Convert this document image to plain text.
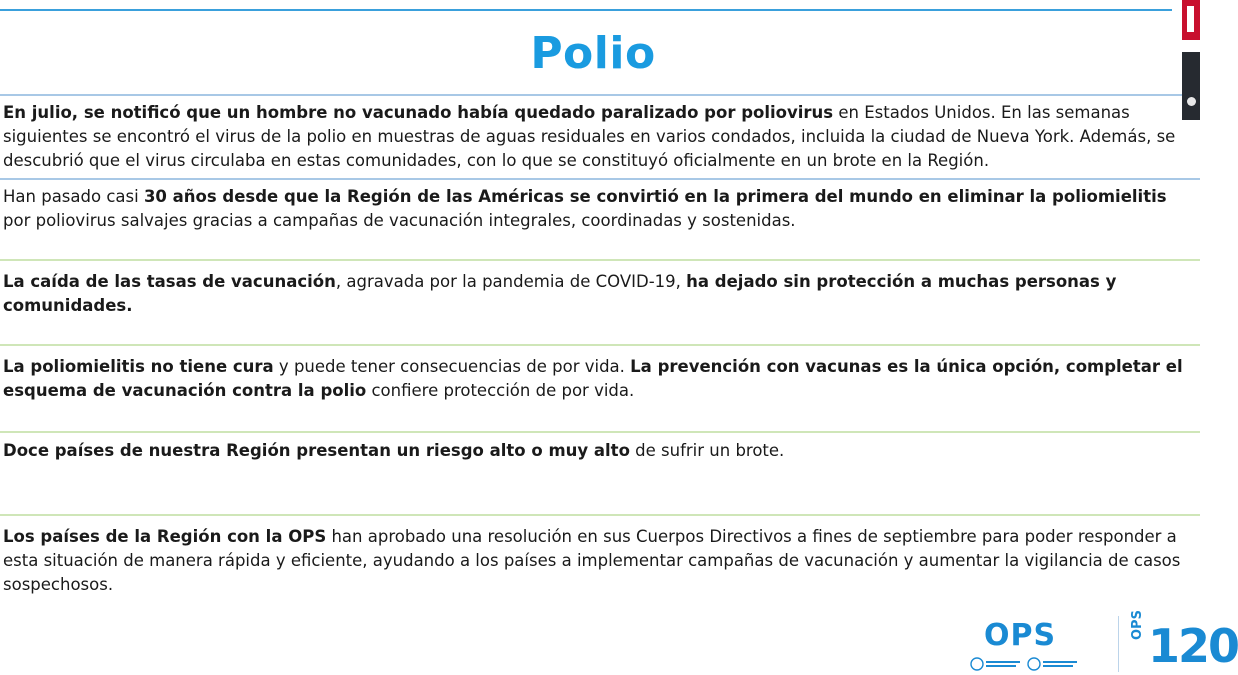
Polio

En julio, se notificó que un hombre no vacunado había quedado paralizado por poliovirus en Estados Unidos. En las semanas siguientes se encontró el virus de la polio en muestras de aguas residuales en varios condados, incluida la ciudad de Nueva York. Además, se descubrió que el virus circulaba en estas comunidades, con lo que se constituyó oficialmente en un brote en la Región.

Han pasado casi 30 años desde que la Región de las Américas se convirtió en la primera del mundo en eliminar la poliomielitis por poliovirus salvajes gracias a campañas de vacunación integrales, coordinadas y sostenidas.

La caída de las tasas de vacunación, agravada por la pandemia de COVID-19, ha dejado sin protección a muchas personas y comunidades.

La poliomielitis no tiene cura y puede tener consecuencias de por vida. La prevención con vacunas es la única opción, completar el esquema de vacunación contra la polio confiere protección de por vida.

Doce países de nuestra Región presentan un riesgo alto o muy alto de sufrir un brote.

Los países de la Región con la OPS han aprobado una resolución en sus Cuerpos Directivos a fines de septiembre para poder responder a esta situación de manera rápida y eficiente, ayudando a los países a implementar campañas de vacunación y aumentar la vigilancia de casos sospechosos.

OPS	OPS 120
